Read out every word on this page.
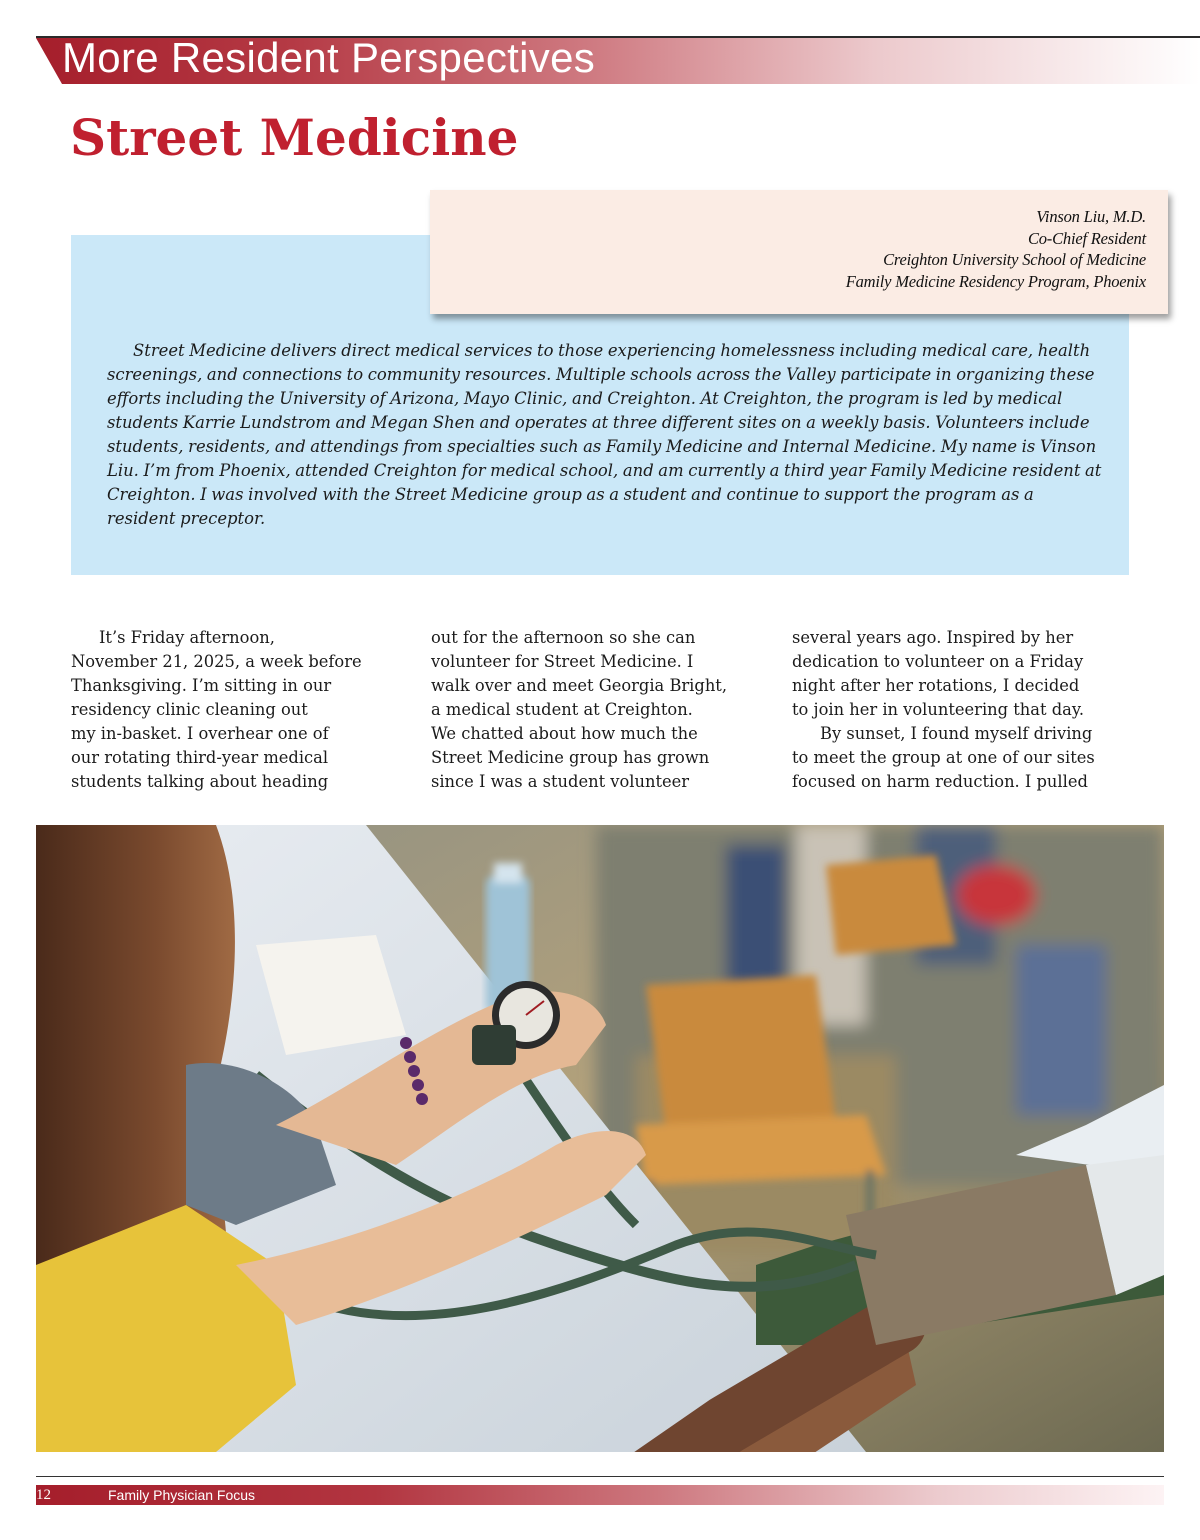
More Resident Perspectives
Street Medicine
Vinson Liu, M.D.
Co-Chief Resident
Creighton University School of Medicine
Family Medicine Residency Program, Phoenix

Street Medicine delivers direct medical services to those experiencing homelessness including medical care, health screenings, and connections to community resources. Multiple schools across the Valley participate in organizing these efforts including the University of Arizona, Mayo Clinic, and Creighton. At Creighton, the program is led by medical students Karrie Lundstrom and Megan Shen and operates at three different sites on a weekly basis. Volunteers include students, residents, and attendings from specialties such as Family Medicine and Internal Medicine. My name is Vinson Liu. I’m from Phoenix, attended Creighton for medical school, and am currently a third year Family Medicine resident at Creighton. I was involved with the Street Medicine group as a student and continue to support the program as a resident preceptor.

It’s Friday afternoon,
November 21, 2025, a week before
Thanksgiving. I’m sitting in our
residency clinic cleaning out
my in-basket. I overhear one of
our rotating third-year medical
students talking about heading
out for the afternoon so she can
volunteer for Street Medicine. I
walk over and meet Georgia Bright,
a medical student at Creighton.
We chatted about how much the
Street Medicine group has grown
since I was a student volunteer
several years ago. Inspired by her
dedication to volunteer on a Friday
night after her rotations, I decided
to join her in volunteering that day.
By sunset, I found myself driving
to meet the group at one of our sites
focused on harm reduction. I pulled
12	Family Physician Focus
